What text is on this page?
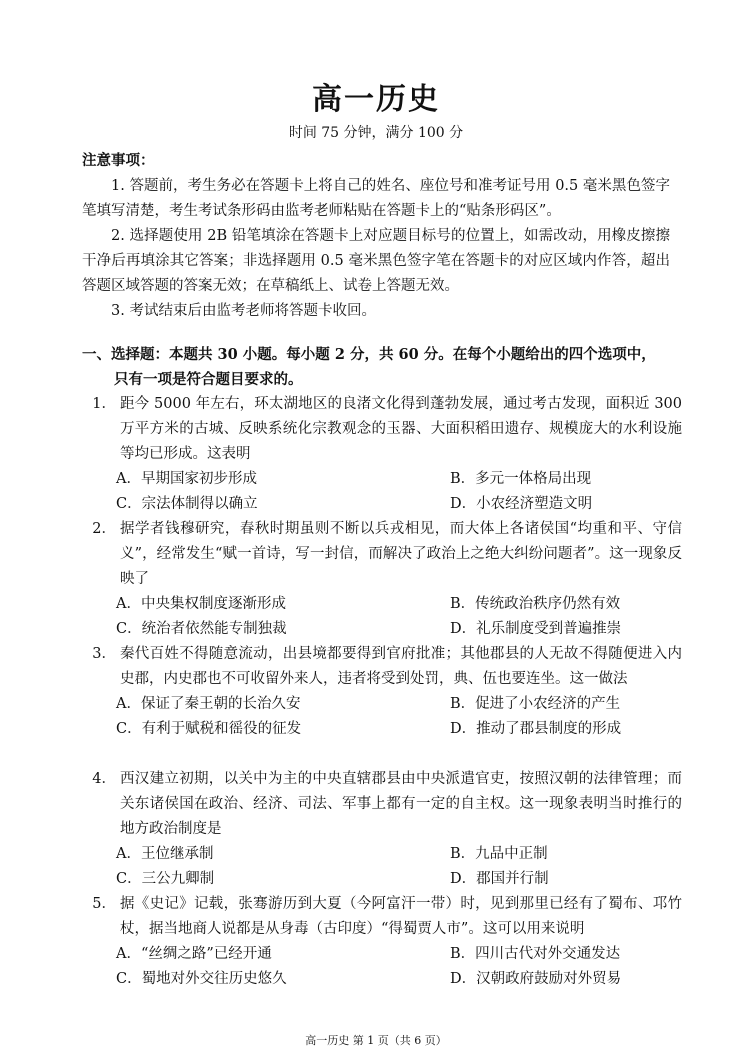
高一历史
时间 75 分钟，满分 100 分
注意事项：
1. 答题前，考生务必在答题卡上将自己的姓名、座位号和准考证号用 0.5 毫米黑色签字笔填写清楚，考生考试条形码由监考老师粘贴在答题卡上的“贴条形码区”。
2. 选择题使用 2B 铅笔填涂在答题卡上对应题目标号的位置上，如需改动，用橡皮擦擦干净后再填涂其它答案；非选择题用 0.5 毫米黑色签字笔在答题卡的对应区域内作答，超出答题区域答题的答案无效；在草稿纸上、试卷上答题无效。
3. 考试结束后由监考老师将答题卡收回。
一、选择题：本题共 30 小题。每小题 2 分，共 60 分。在每个小题给出的四个选项中，
只有一项是符合题目要求的。
1． 距今 5000 年左右，环太湖地区的良渚文化得到蓬勃发展，通过考古发现，面积近 300 万平方米的古城、反映系统化宗教观念的玉器、大面积稻田遗存、规模庞大的水利设施等均已形成。这表明
A．早期国家初步形成	B．多元一体格局出现
C．宗法体制得以确立	D．小农经济塑造文明
2． 据学者钱穆研究，春秋时期虽则不断以兵戎相见，而大体上各诸侯国“均重和平、守信义”，经常发生“赋一首诗，写一封信，而解决了政治上之绝大纠纷问题者”。这一现象反映了
A．中央集权制度逐渐形成	B．传统政治秩序仍然有效
C．统治者依然能专制独裁	D．礼乐制度受到普遍推崇
3． 秦代百姓不得随意流动，出县境都要得到官府批准；其他郡县的人无故不得随便进入内史郡，内史郡也不可收留外来人，违者将受到处罚，典、伍也要连坐。这一做法
A．保证了秦王朝的长治久安	B．促进了小农经济的产生
C．有利于赋税和徭役的征发	D．推动了郡县制度的形成
4． 西汉建立初期，以关中为主的中央直辖郡县由中央派遣官吏，按照汉朝的法律管理；而关东诸侯国在政治、经济、司法、军事上都有一定的自主权。这一现象表明当时推行的地方政治制度是
A．王位继承制	B．九品中正制
C．三公九卿制	D．郡国并行制
5． 据《史记》记载，张骞游历到大夏（今阿富汗一带）时，见到那里已经有了蜀布、邛竹杖，据当地商人说都是从身毒（古印度）“得蜀贾人市”。这可以用来说明
A．“丝绸之路”已经开通	B．四川古代对外交通发达
C．蜀地对外交往历史悠久	D．汉朝政府鼓励对外贸易
高一历史 第 1 页（共 6 页）
